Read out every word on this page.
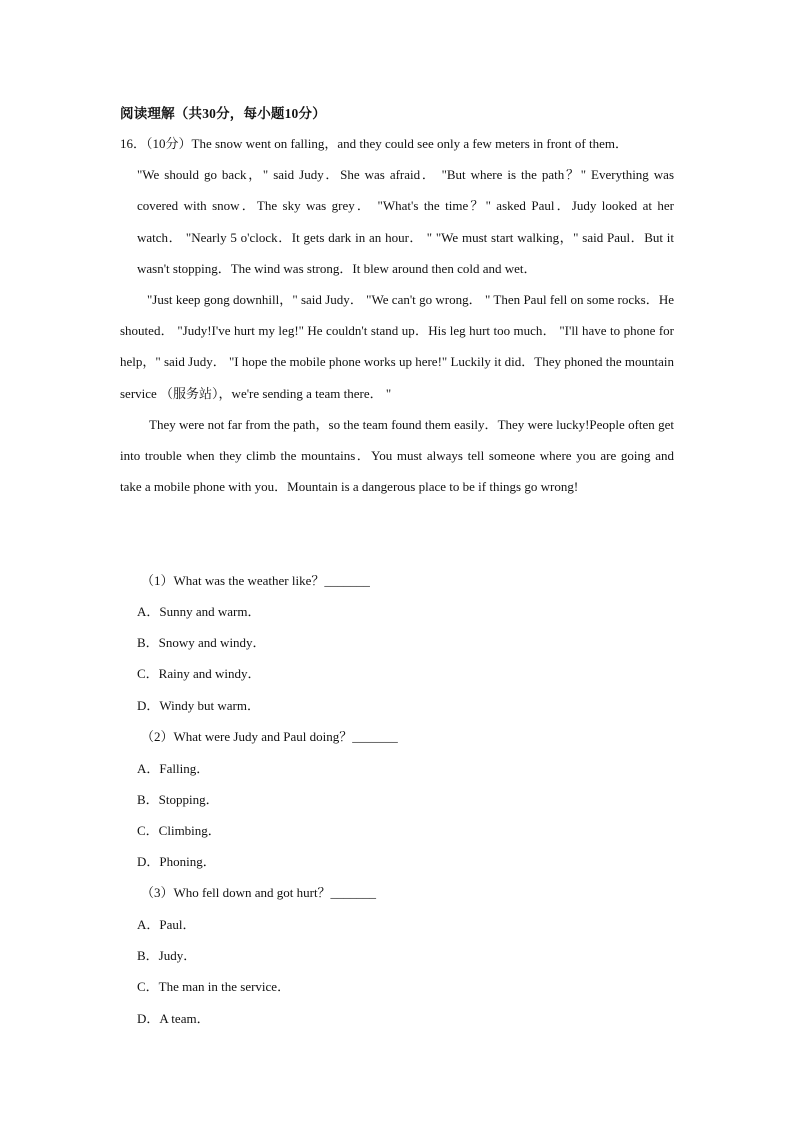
阅读理解（共30分，每小题10分）
16．（10分）The snow went on falling，and they could see only a few meters in front of them．
"We should go back，" said Judy．She was afraid． "But where is the path？" Everything was covered with snow．The sky was grey． "What's the time？" asked Paul．Judy looked at her watch． "Nearly 5 o'clock．It gets dark in an hour． " "We must start walking，" said Paul．But it wasn't stopping．The wind was strong．It blew around then cold and wet．
"Just keep gong downhill，" said Judy． "We can't go wrong． " Then Paul fell on some rocks．He shouted． "Judy!I've hurt my leg!" He couldn't stand up．His leg hurt too much． "I'll have to phone for help，" said Judy． "I hope the mobile phone works up here!" Luckily it did．They phoned the mountain service （服务站），we're sending a team there． "
They were not far from the path，so the team found them easily．They were lucky!People often get into trouble when they climb the mountains．You must always tell someone where you are going and take a mobile phone with you．Mountain is a dangerous place to be if things go wrong!
（1）What was the weather like？_______
A．Sunny and warm．
B．Snowy and windy．
C．Rainy and windy．
D．Windy but warm．
（2）What were Judy and Paul doing？_______
A．Falling．
B．Stopping．
C．Climbing．
D．Phoning．
（3）Who fell down and got hurt？_______
A．Paul．
B．Judy．
C．The man in the service．
D．A team．
